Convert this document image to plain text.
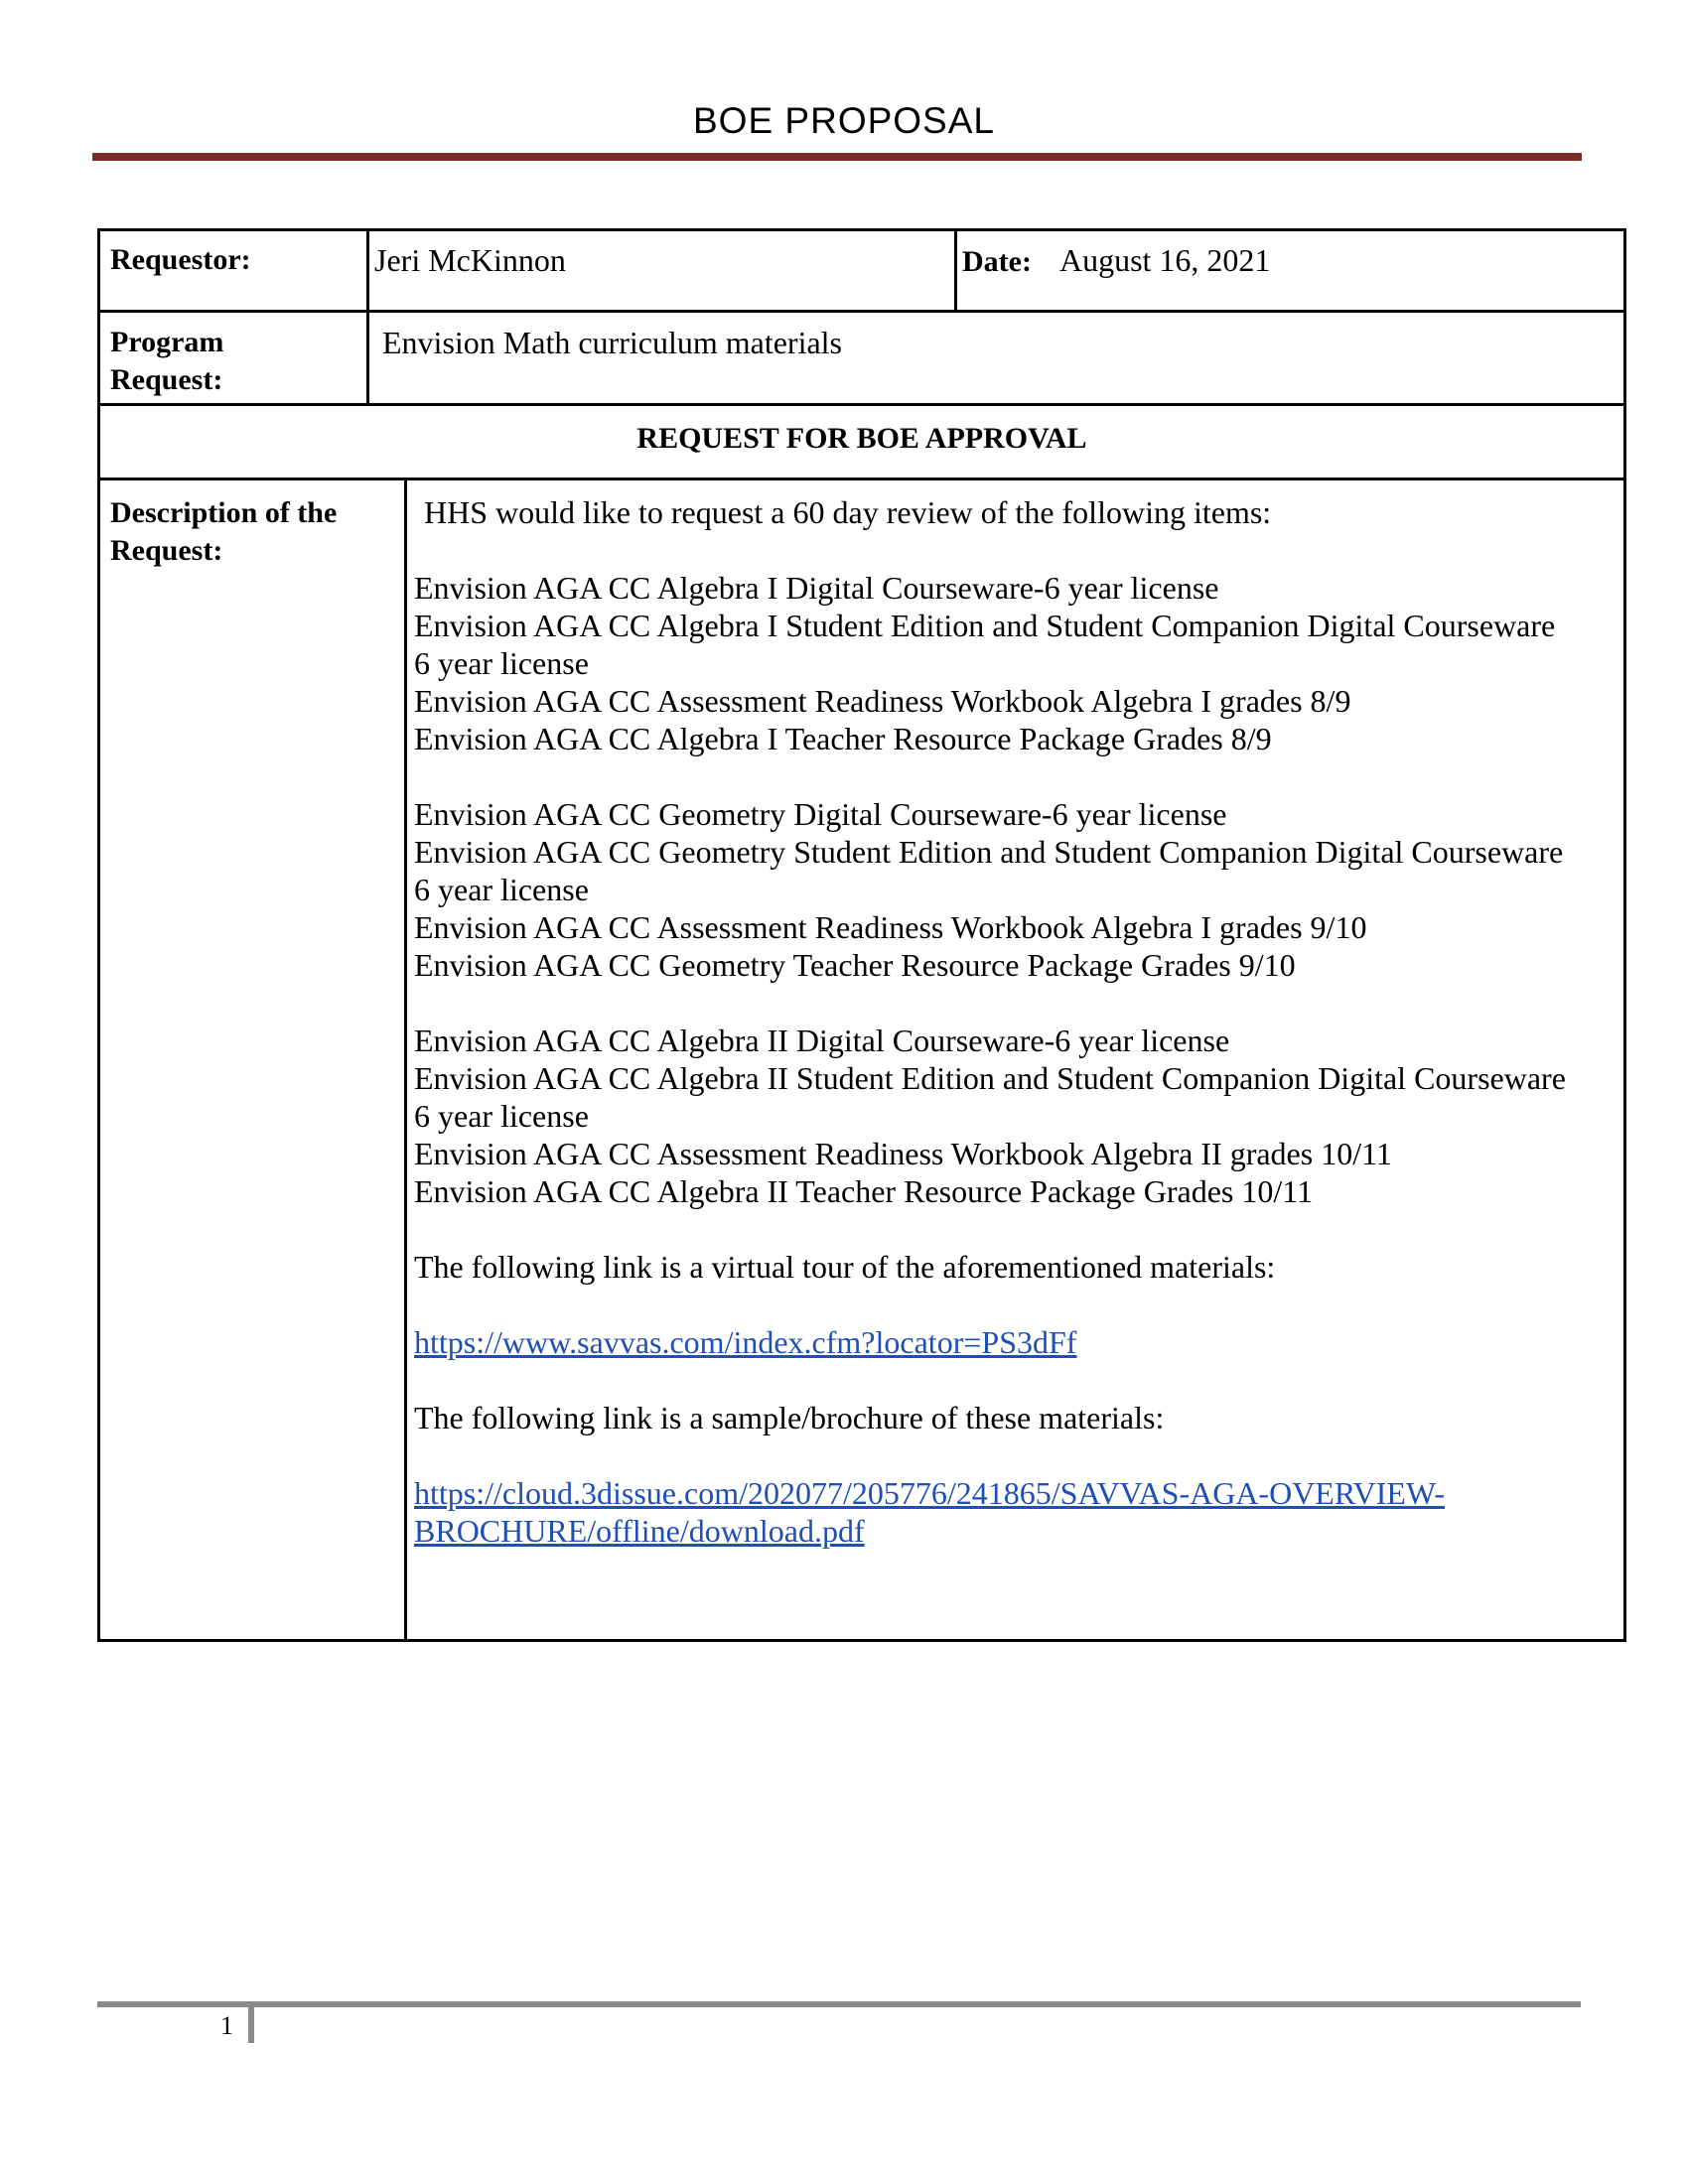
BOE PROPOSAL
Requestor:	Jeri McKinnon	Date: August 16, 2021
Program
Request:
Envision Math curriculum materials
REQUEST FOR BOE APPROVAL
Description of the
Request:

HHS would like to request a 60 day review of the following items:

Envision AGA CC Algebra I Digital Courseware-6 year license

Envision AGA CC Algebra I Student Edition and Student Companion Digital Courseware

6 year license

Envision AGA CC Assessment Readiness Workbook Algebra I grades 8/9

Envision AGA CC Algebra I Teacher Resource Package Grades 8/9

Envision AGA CC Geometry Digital Courseware-6 year license

Envision AGA CC Geometry Student Edition and Student Companion Digital Courseware

6 year license

Envision AGA CC Assessment Readiness Workbook Algebra I grades 9/10

Envision AGA CC Geometry Teacher Resource Package Grades 9/10

Envision AGA CC Algebra II Digital Courseware-6 year license

Envision AGA CC Algebra II Student Edition and Student Companion Digital Courseware

6 year license

Envision AGA CC Assessment Readiness Workbook Algebra II grades 10/11

Envision AGA CC Algebra II Teacher Resource Package Grades 10/11

The following link is a virtual tour of the aforementioned materials:

https://www.savvas.com/index.cfm?locator=PS3dFf

The following link is a sample/brochure of these materials:

https://cloud.3dissue.com/202077/205776/241865/SAVVAS-AGA-OVERVIEW-

BROCHURE/offline/download.pdf

1
